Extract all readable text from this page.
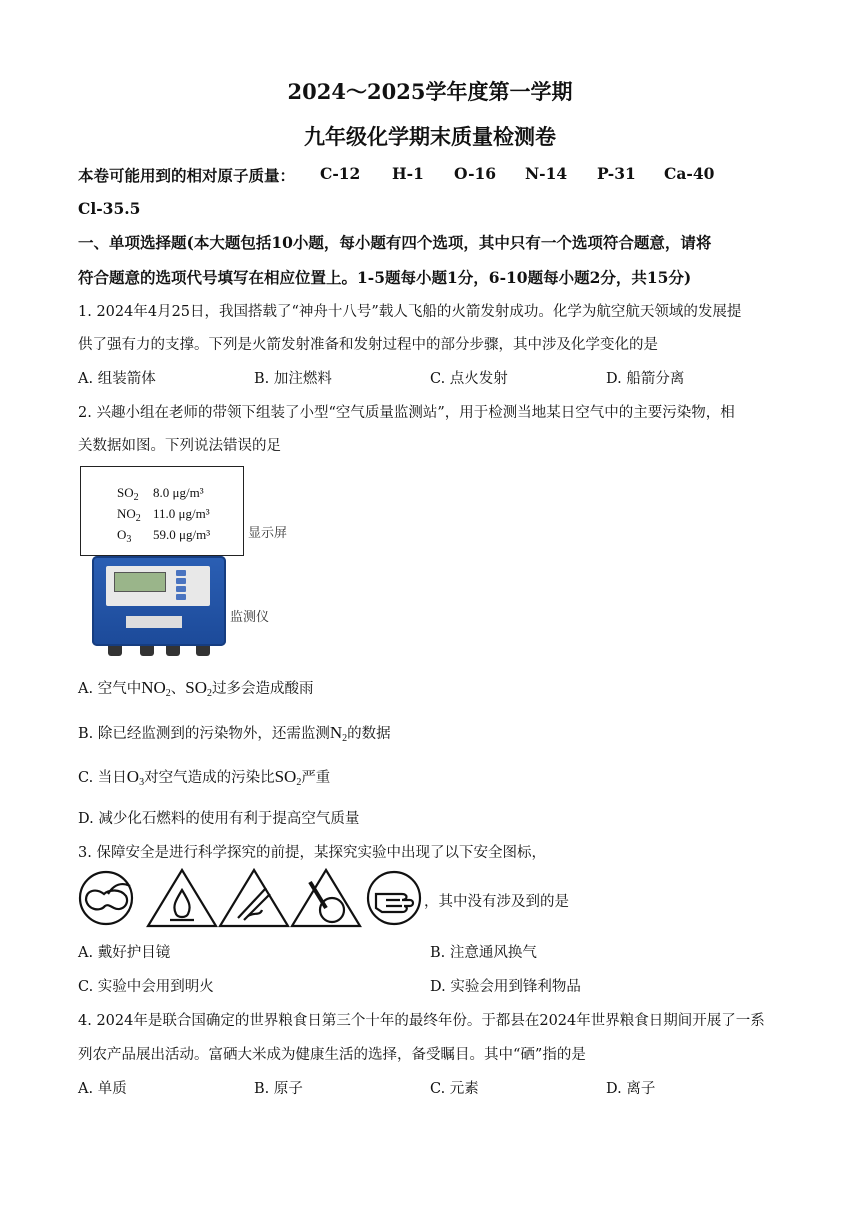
2024～2025学年度第一学期
九年级化学期末质量检测卷
本卷可能用到的相对原子质量： C-12 H-1 O-16 N-14 P-31 Ca-40
Cl-35.5
一、单项选择题(本大题包括10小题，每小题有四个选项，其中只有一个选项符合题意，请将
符合题意的选项代号填写在相应位置上。1-5题每小题1分，6-10题每小题2分，共15分)
1. 2024年4月25日，我国搭载了“神舟十八号”载人飞船的火箭发射成功。化学为航空航天领域的发展提
供了强有力的支撑。下列是火箭发射准备和发射过程中的部分步骤，其中涉及化学变化的是
A. 组装箭体	B. 加注燃料	C. 点火发射	D. 船箭分离
2. 兴趣小组在老师的带领下组装了小型“空气质量监测站”，用于检测当地某日空气中的主要污染物，相
关数据如图。下列说法错误的足
$SO_2$ 8.0 μg/m³
$NO_2$ 11.0 μg/m³
$O_3$ 59.0 μg/m³	显示屏
监测仪
A. 空气中$NO_2$、$SO_2$过多会造成酸雨
B. 除已经监测到的污染物外，还需监测$N_2$的数据
C. 当日$O_3$对空气造成的污染比$SO_2$严重
D. 减少化石燃料的使用有利于提高空气质量
3. 保障安全是进行科学探究的前提，某探究实验中出现了以下安全图标，
，其中没有涉及到的是
A. 戴好护目镜	B. 注意通风换气
C. 实验中会用到明火	D. 实验会用到锋利物品
4. 2024年是联合国确定的世界粮食日第三个十年的最终年份。于都县在2024年世界粮食日期间开展了一系
列农产品展出活动。富硒大米成为健康生活的选择，备受瞩目。其中“硒”指的是
A. 单质	B. 原子	C. 元素	D. 离子
